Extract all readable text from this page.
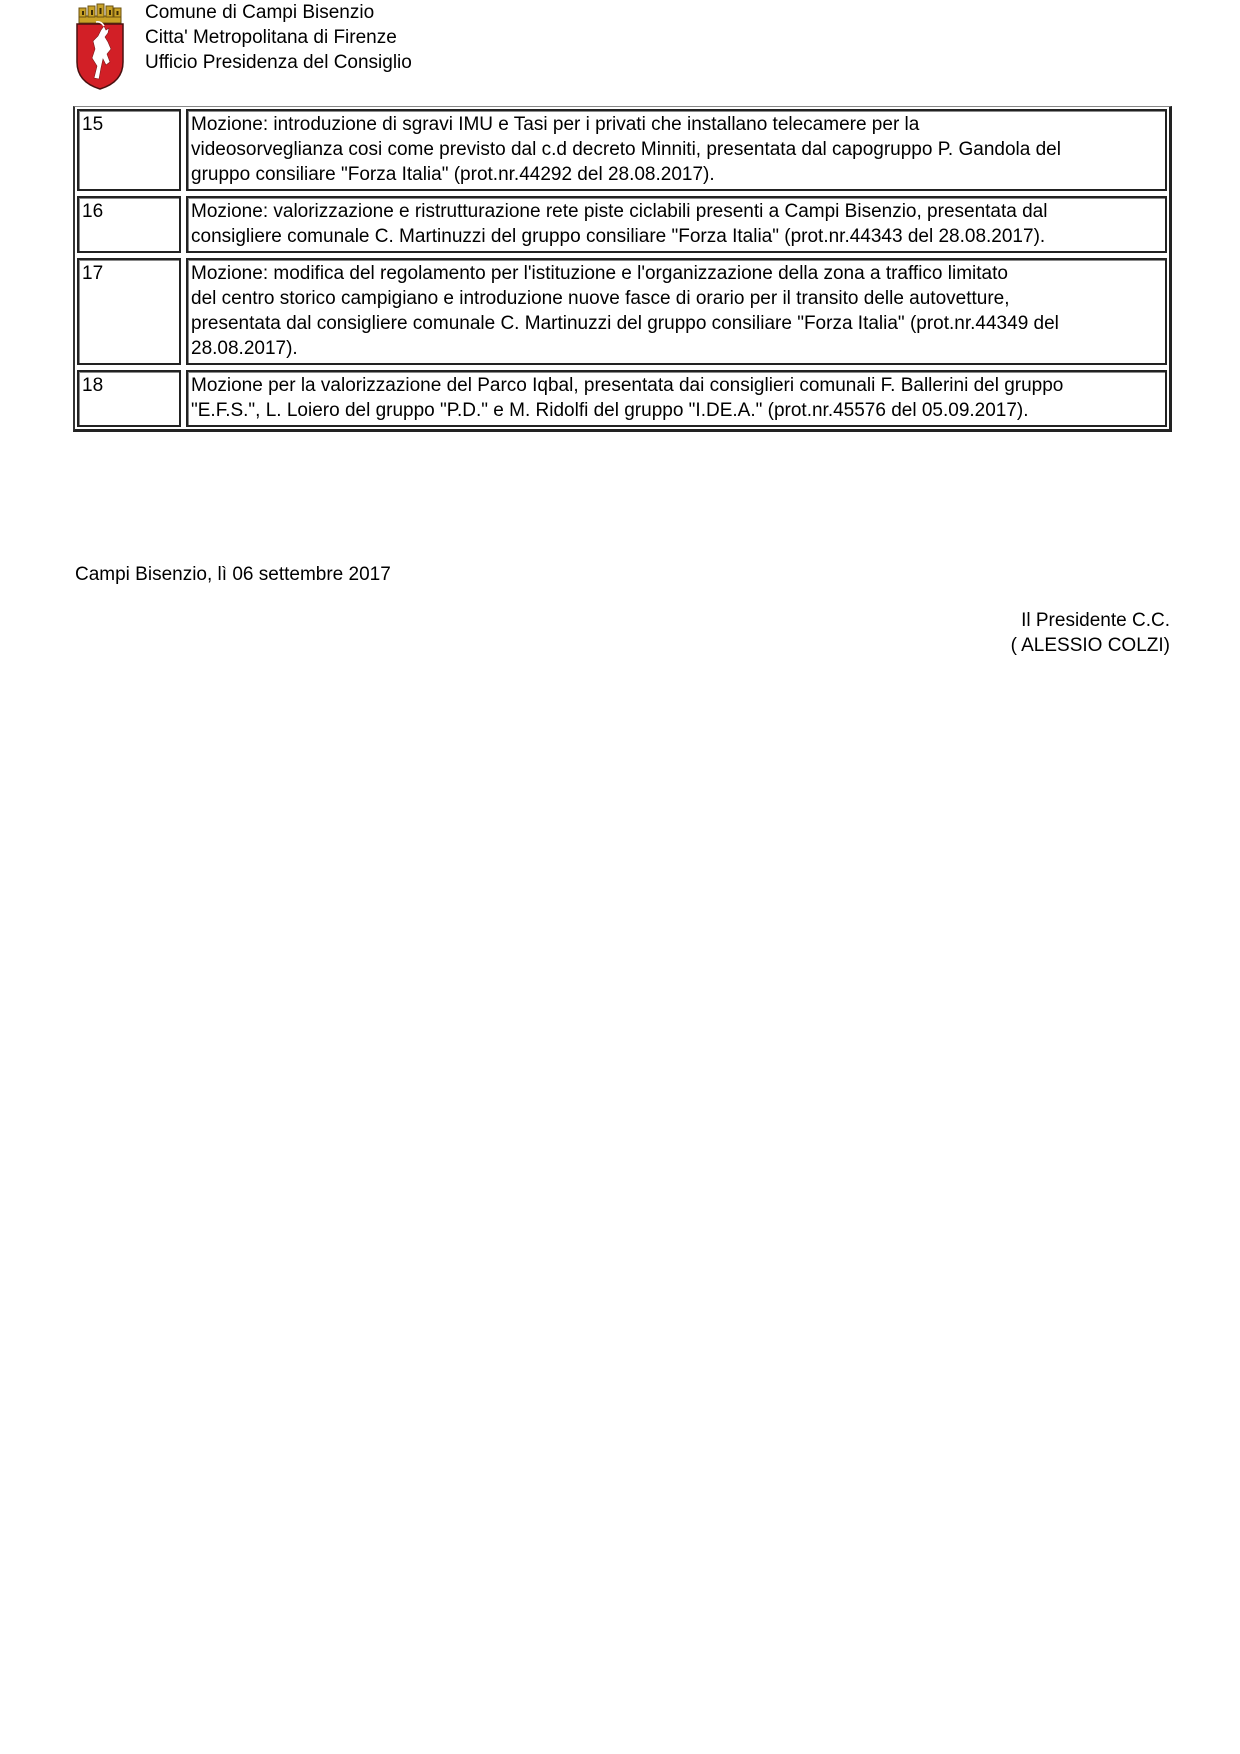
Comune di Campi Bisenzio
Citta' Metropolitana di Firenze
Ufficio Presidenza del Consiglio
15	Mozione: introduzione di sgravi IMU e Tasi per i privati che installano telecamere per la
videosorveglianza cosi come previsto dal c.d decreto Minniti, presentata dal capogruppo P. Gandola del
gruppo consiliare "Forza Italia" (prot.nr.44292 del 28.08.2017).
16	Mozione: valorizzazione e ristrutturazione rete piste ciclabili presenti a Campi Bisenzio, presentata dal
consigliere comunale C. Martinuzzi del gruppo consiliare "Forza Italia" (prot.nr.44343 del 28.08.2017).
17	Mozione: modifica del regolamento per l'istituzione e l'organizzazione della zona a traffico limitato
del centro storico campigiano e introduzione nuove fasce di orario per il transito delle autovetture,
presentata dal consigliere comunale C. Martinuzzi del gruppo consiliare "Forza Italia" (prot.nr.44349 del
28.08.2017).
18	Mozione per la valorizzazione del Parco Iqbal, presentata dai consiglieri comunali F. Ballerini del gruppo
"E.F.S.", L. Loiero del gruppo "P.D." e M. Ridolfi del gruppo "I.DE.A." (prot.nr.45576 del 05.09.2017).
Campi Bisenzio, lì 06 settembre 2017
Il Presidente C.C.
( ALESSIO COLZI)
